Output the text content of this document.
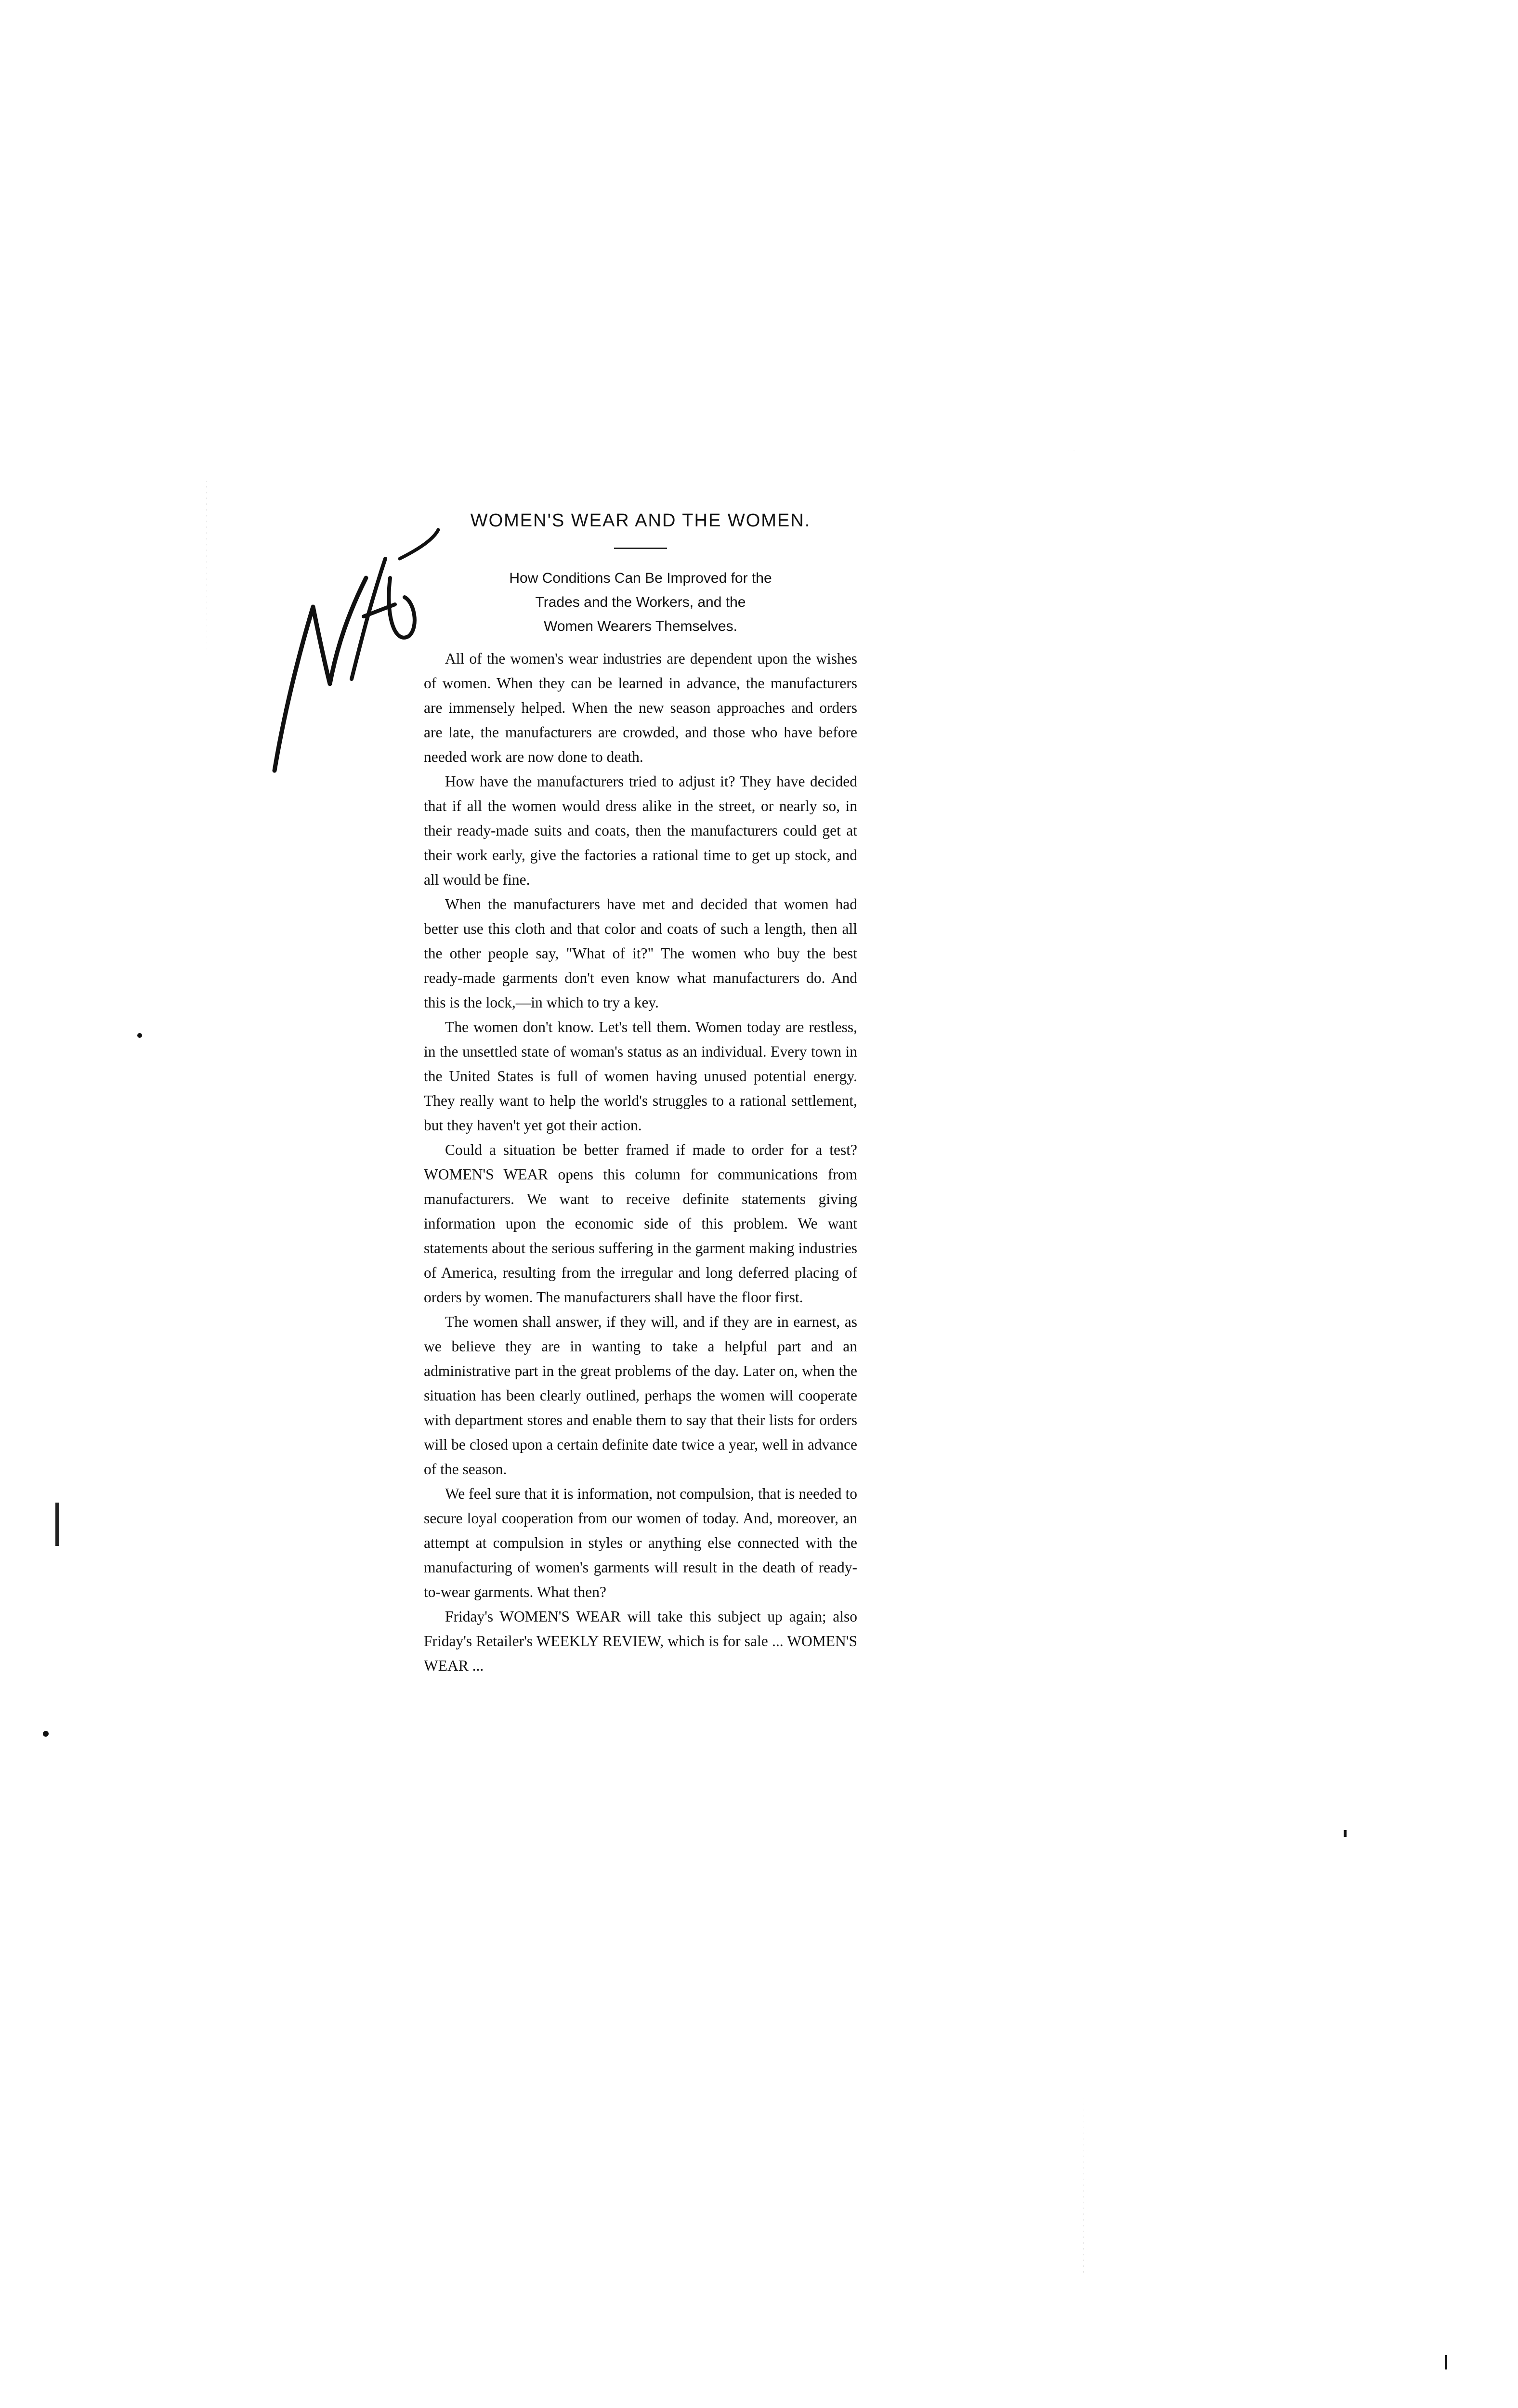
Mitred	WOMEN'S WEAR AND THE WOMEN.
How Conditions Can Be Improved for the
Trades and the Workers, and the
Women Wearers Themselves.

All of the women's wear industries are dependent upon the wishes of women. When they can be learned in advance, the manufacturers are immensely helped. When the new season approaches and orders are late, the manufacturers are crowded, and those who have before needed work are now done to death.

How have the manufacturers tried to adjust it? They have decided that if all the women would dress alike in the street, or nearly so, in their ready-made suits and coats, then the manufacturers could get at their work early, give the factories a rational time to get up stock, and all would be fine.

When the manufacturers have met and decided that women had better use this cloth and that color and coats of such a length, then all the other people say, "What of it?" The women who buy the best ready-made garments don't even know what manufacturers do. And this is the lock,—in which to try a key.

The women don't know. Let's tell them. Women today are restless, in the unsettled state of woman's status as an individual. Every town in the United States is full of women having unused potential energy. They really want to help the world's struggles to a rational settlement, but they haven't yet got their action.

Could a situation be better framed if made to order for a test? WOMEN'S WEAR opens this column for communications from manufacturers. We want to receive definite statements giving information upon the economic side of this problem. We want statements about the serious suffering in the garment making industries of America, resulting from the irregular and long deferred placing of orders by women. The manufacturers shall have the floor first.

The women shall answer, if they will, and if they are in earnest, as we believe they are in wanting to take a helpful part and an administrative part in the great problems of the day. Later on, when the situation has been clearly outlined, perhaps the women will cooperate with department stores and enable them to say that their lists for orders will be closed upon a certain definite date twice a year, well in advance of the season.

We feel sure that it is information, not compulsion, that is needed to secure loyal cooperation from our women of today. And, moreover, an attempt at compulsion in styles or anything else connected with the manufacturing of women's garments will result in the death of ready-to-wear garments. What then?

Friday's WOMEN'S WEAR will take this subject up again; also Friday's Retailer's WEEKLY REVIEW, which is for sale ... WOMEN'S WEAR ...
